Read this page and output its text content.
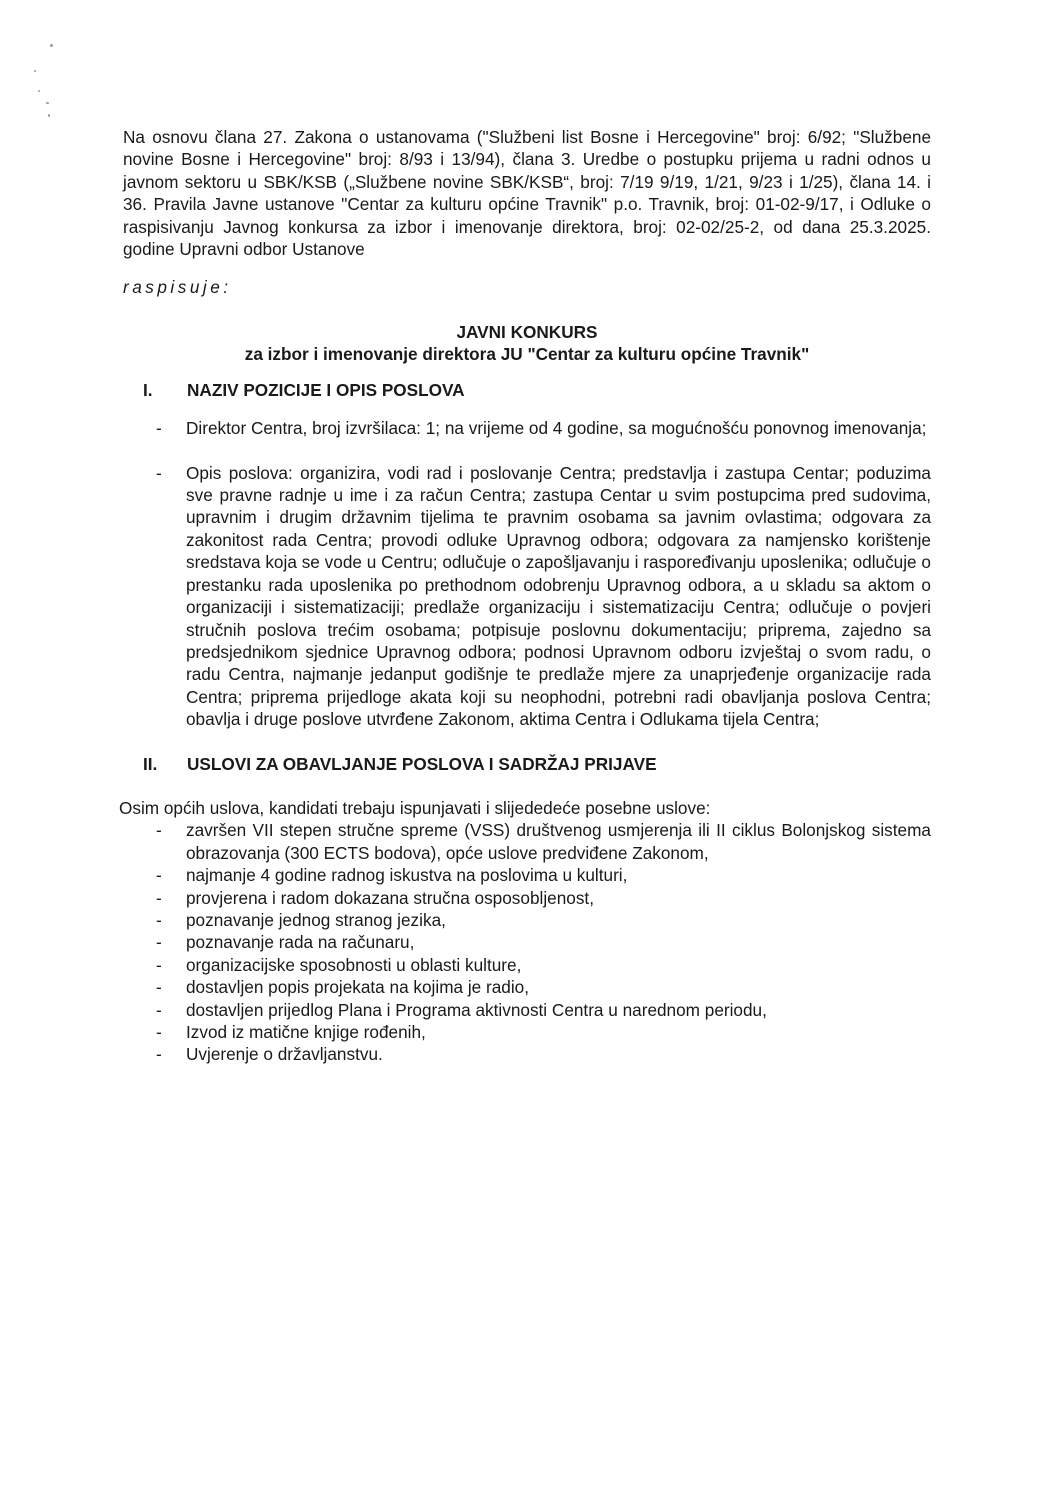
Na osnovu člana 27. Zakona o ustanovama ("Službeni list Bosne i Hercegovine" broj: 6/92; "Službene novine Bosne i Hercegovine" broj: 8/93 i 13/94), člana 3. Uredbe o postupku prijema u radni odnos u javnom sektoru u SBK/KSB („Službene novine SBK/KSB“, broj: 7/19 9/19, 1/21, 9/23 i 1/25), člana 14. i 36. Pravila Javne ustanove "Centar za kulturu općine Travnik" p.o. Travnik, broj: 01-02-9/17, i Odluke o raspisivanju Javnog konkursa za izbor i imenovanje direktora, broj: 02-02/25-2, od dana 25.3.2025. godine Upravni odbor Ustanove

raspisuje:

JAVNI KONKURS
za izbor i imenovanje direktora JU "Centar za kulturu općine Travnik"
I.	NAZIV POZICIJE I OPIS POSLOVA
- Direktor Centra, broj izvršilaca: 1; na vrijeme od 4 godine, sa mogućnošću ponovnog imenovanja;
- Opis poslova: organizira, vodi rad i poslovanje Centra; predstavlja i zastupa Centar; poduzima sve pravne radnje u ime i za račun Centra; zastupa Centar u svim postupcima pred sudovima, upravnim i drugim državnim tijelima te pravnim osobama sa javnim ovlastima; odgovara za zakonitost rada Centra; provodi odluke Upravnog odbora; odgovara za namjensko korištenje sredstava koja se vode u Centru; odlučuje o zapošljavanju i raspoređivanju uposlenika; odlučuje o prestanku rada uposlenika po prethodnom odobrenju Upravnog odbora, a u skladu sa aktom o organizaciji i sistematizaciji; predlaže organizaciju i sistematizaciju Centra; odlučuje o povjeri stručnih poslova trećim osobama; potpisuje poslovnu dokumentaciju; priprema, zajedno sa predsjednikom sjednice Upravnog odbora; podnosi Upravnom odboru izvještaj o svom radu, o radu Centra, najmanje jedanput godišnje te predlaže mjere za unaprjeđenje organizacije rada Centra; priprema prijedloge akata koji su neophodni, potrebni radi obavljanja poslova Centra; obavlja i druge poslove utvrđene Zakonom, aktima Centra i Odlukama tijela Centra;
II.	USLOVI ZA OBAVLJANJE POSLOVA I SADRŽAJ PRIJAVE

Osim općih uslova, kandidati trebaju ispunjavati i slijededeće posebne uslove:

- završen VII stepen stručne spreme (VSS) društvenog usmjerenja ili II ciklus Bolonjskog sistema obrazovanja (300 ECTS bodova), opće uslove predviđene Zakonom,
- najmanje 4 godine radnog iskustva na poslovima u kulturi,
- provjerena i radom dokazana stručna osposobljenost,
- poznavanje jednog stranog jezika,
- poznavanje rada na računaru,
- organizacijske sposobnosti u oblasti kulture,
- dostavljen popis projekata na kojima je radio,
- dostavljen prijedlog Plana i Programa aktivnosti Centra u narednom periodu,
- Izvod iz matične knjige rođenih,
- Uvjerenje o državljanstvu.
